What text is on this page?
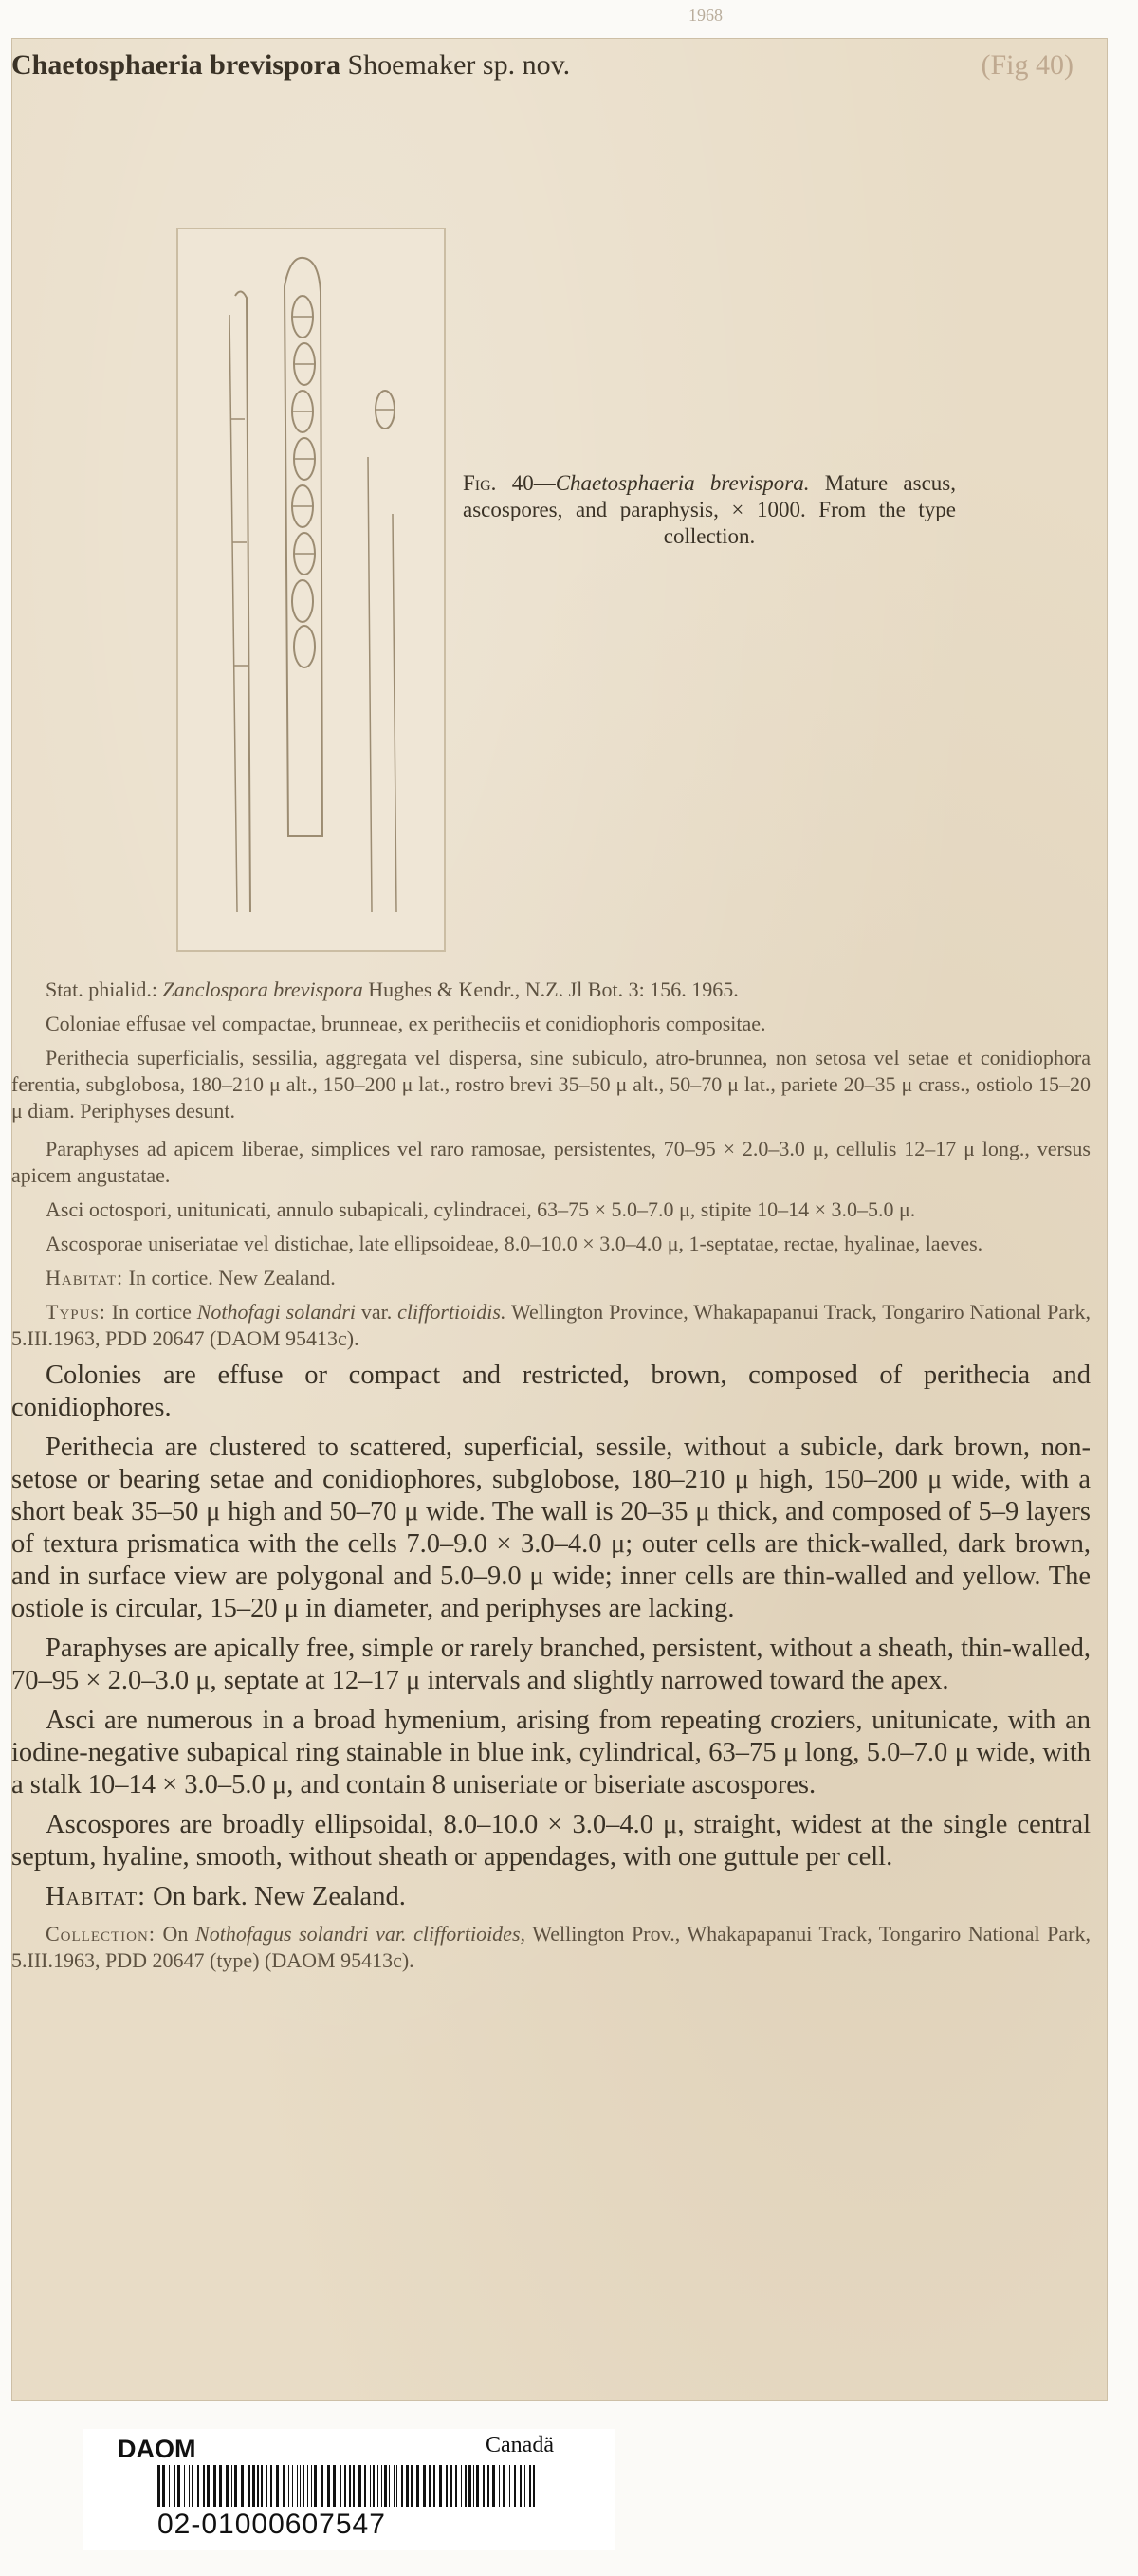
1968
Chaetosphaeria brevispora Shoemaker sp. nov.	(Fig 40)
Fig. 40—Chaetosphaeria brevispora. Mature ascus, ascospores, and paraphysis, × 1000. From the type collection.

Stat. phialid.: Zanclospora brevispora Hughes & Kendr., N.Z. Jl Bot. 3: 156. 1965.

Coloniae effusae vel compactae, brunneae, ex peritheciis et conidiophoris compositae.

Perithecia superficialis, sessilia, aggregata vel dispersa, sine subiculo, atro-brunnea, non setosa vel setae et conidiophora ferentia, subglobosa, 180–210 μ alt., 150–200 μ lat., rostro brevi 35–50 μ alt., 50–70 μ lat., pariete 20–35 μ crass., ostiolo 15–20 μ diam. Periphyses desunt.

Paraphyses ad apicem liberae, simplices vel raro ramosae, persistentes, 70–95 × 2.0–3.0 μ, cellulis 12–17 μ long., versus apicem angustatae.

Asci octospori, unitunicati, annulo subapicali, cylindracei, 63–75 × 5.0–7.0 μ, stipite 10–14 × 3.0–5.0 μ.

Ascosporae uniseriatae vel distichae, late ellipsoideae, 8.0–10.0 × 3.0–4.0 μ, 1-septatae, rectae, hyalinae, laeves.

Habitat: In cortice. New Zealand.

Typus: In cortice Nothofagi solandri var. cliffortioidis. Wellington Province, Whakapapanui Track, Tongariro National Park, 5.III.1963, PDD 20647 (DAOM 95413c).

Colonies are effuse or compact and restricted, brown, composed of perithecia and conidiophores.

Perithecia are clustered to scattered, superficial, sessile, without a subicle, dark brown, non-setose or bearing setae and conidiophores, subglobose, 180–210 μ high, 150–200 μ wide, with a short beak 35–50 μ high and 50–70 μ wide. The wall is 20–35 μ thick, and composed of 5–9 layers of textura prismatica with the cells 7.0–9.0 × 3.0–4.0 μ; outer cells are thick-walled, dark brown, and in surface view are polygonal and 5.0–9.0 μ wide; inner cells are thin-walled and yellow. The ostiole is circular, 15–20 μ in diameter, and periphyses are lacking.

Paraphyses are apically free, simple or rarely branched, persistent, without a sheath, thin-walled, 70–95 × 2.0–3.0 μ, septate at 12–17 μ intervals and slightly narrowed toward the apex.

Asci are numerous in a broad hymenium, arising from repeating croziers, unitunicate, with an iodine-negative subapical ring stainable in blue ink, cylindrical, 63–75 μ long, 5.0–7.0 μ wide, with a stalk 10–14 × 3.0–5.0 μ, and contain 8 uniseriate or biseriate ascospores.

Ascospores are broadly ellipsoidal, 8.0–10.0 × 3.0–4.0 μ, straight, widest at the single central septum, hyaline, smooth, without sheath or appendages, with one guttule per cell.

Habitat: On bark. New Zealand.

Collection: On Nothofagus solandri var. cliffortioides, Wellington Prov., Whakapapanui Track, Tongariro National Park, 5.III.1963, PDD 20647 (type) (DAOM 95413c).

DAOM	Canadä
02-01000607547
